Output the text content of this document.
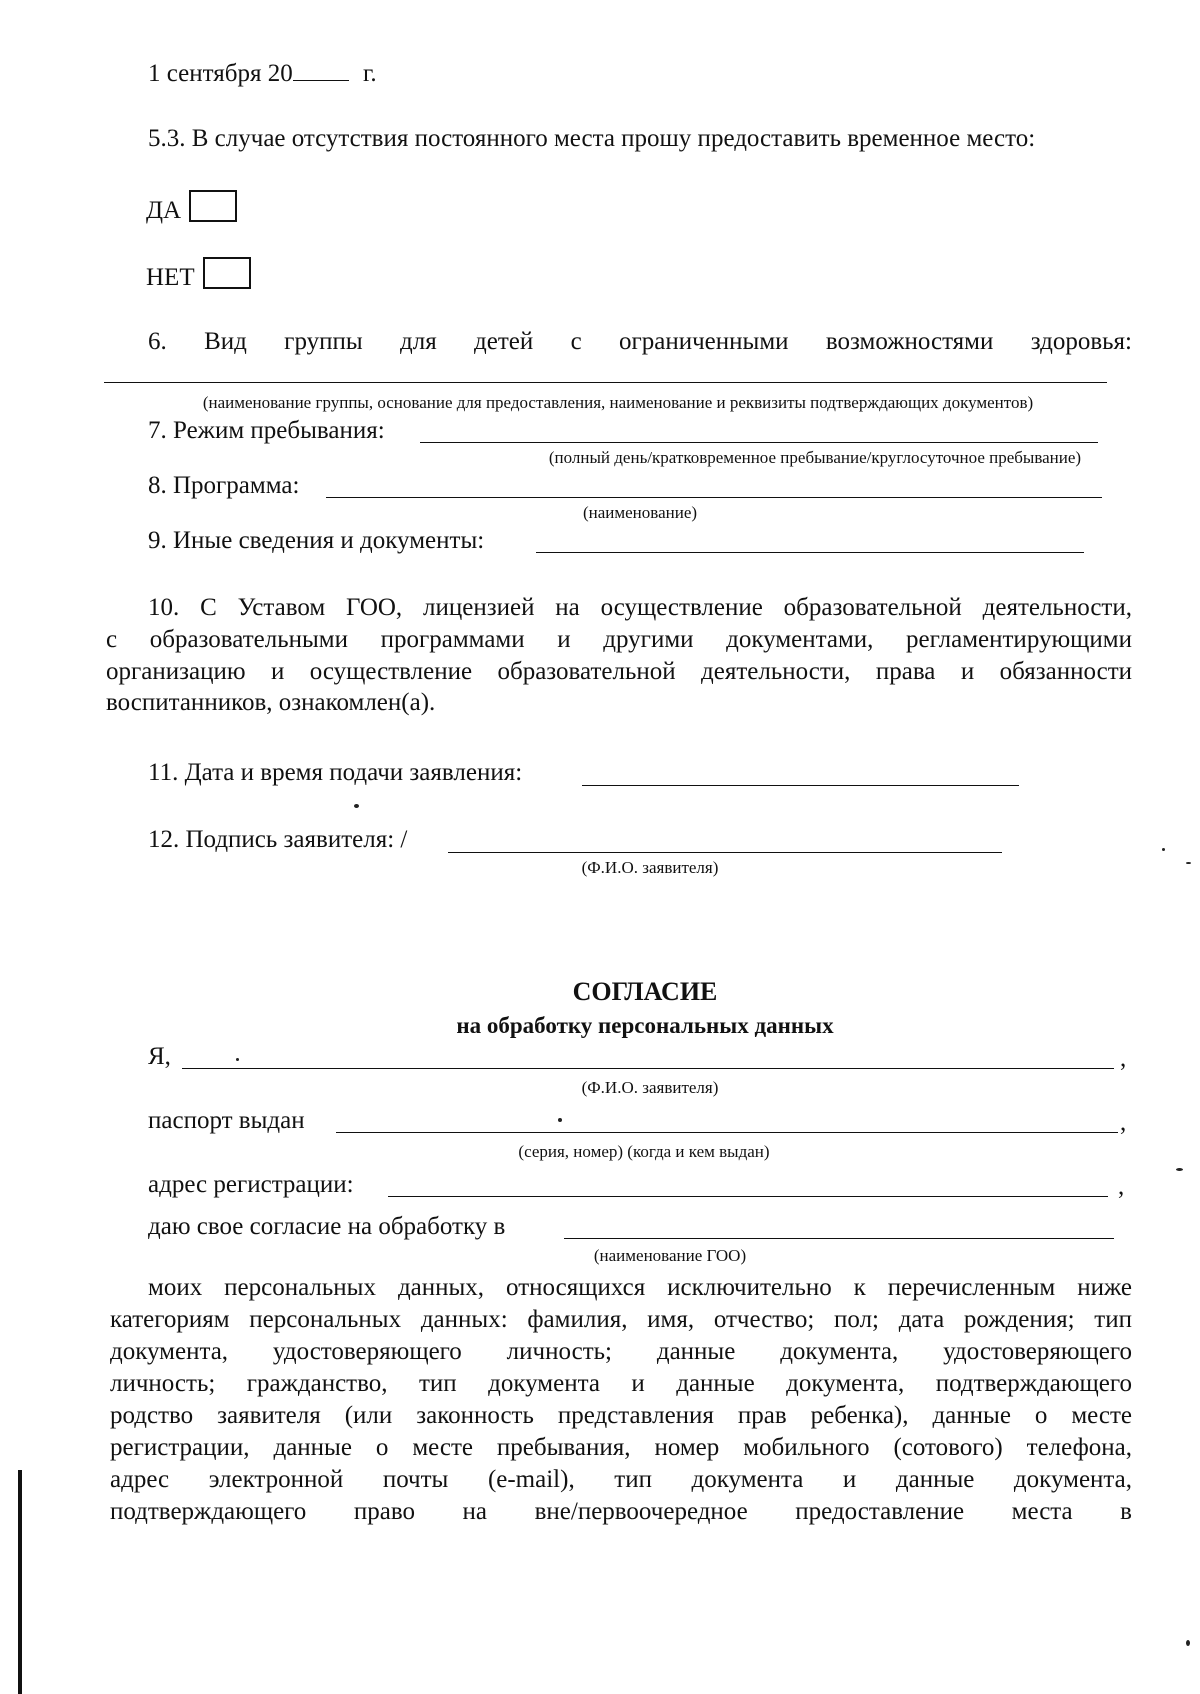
1 сентября 20	г.
5.3. В случае отсутствия постоянного места прошу предоставить временное место:
ДА
НЕТ
6. Вид группы для детей с ограниченными возможностями здоровья:
(наименование группы, основание для предоставления, наименование и реквизиты подтверждающих документов)
7. Режим пребывания:
(полный день/кратковременное пребывание/круглосуточное пребывание)
8. Программа:
(наименование)
9. Иные сведения и документы:
10. С Уставом ГОО, лицензией на осуществление образовательной деятельности,
с образовательными программами и другими документами, регламентирующими
организацию и осуществление образовательной деятельности, права и обязанности
воспитанников, ознакомлен(а).
11. Дата и время подачи заявления:
12. Подпись заявителя: /
(Ф.И.О. заявителя)
СОГЛАСИЕ
на обработку персональных данных
Я,	,
(Ф.И.О. заявителя)
паспорт выдан	,
(серия, номер) (когда и кем выдан)
адрес регистрации:	,
даю свое согласие на обработку в
(наименование ГОО)
моих персональных данных, относящихся исключительно к перечисленным ниже
категориям персональных данных: фамилия, имя, отчество; пол; дата рождения; тип
документа, удостоверяющего личность; данные документа, удостоверяющего
личность; гражданство, тип документа и данные документа, подтверждающего
родство заявителя (или законность представления прав ребенка), данные о месте
регистрации, данные о месте пребывания, номер мобильного (сотового) телефона,
адрес электронной почты (e-mail), тип документа и данные документа,
подтверждающего право на вне/первоочередное предоставление места в
